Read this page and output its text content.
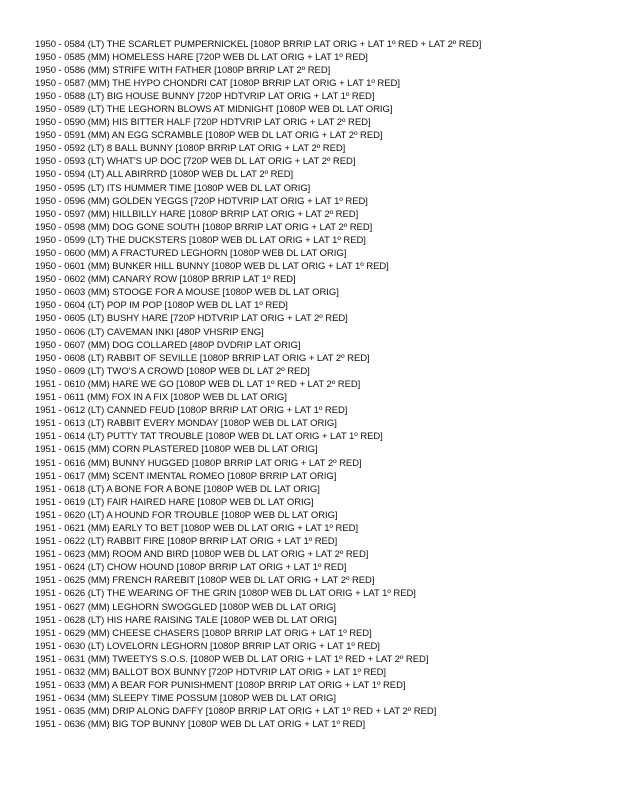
1950 - 0584 (LT) THE SCARLET PUMPERNICKEL [1080P BRRIP LAT ORIG + LAT 1º RED + LAT 2º RED]
1950 - 0585 (MM) HOMELESS HARE [720P WEB DL LAT ORIG + LAT 1º RED]
1950 - 0586 (MM) STRIFE WITH FATHER [1080P BRRIP LAT 2º RED]
1950 - 0587 (MM) THE HYPO CHONDRI CAT [1080P BRRIP LAT ORIG + LAT 1º RED]
1950 - 0588 (LT) BIG HOUSE BUNNY [720P HDTVRIP LAT ORIG + LAT 1º RED]
1950 - 0589 (LT) THE LEGHORN BLOWS AT MIDNIGHT [1080P WEB DL LAT ORIG]
1950 - 0590 (MM) HIS BITTER HALF [720P HDTVRIP LAT ORIG + LAT 2º RED]
1950 - 0591 (MM) AN EGG SCRAMBLE [1080P WEB DL LAT ORIG + LAT 2º RED]
1950 - 0592 (LT) 8 BALL BUNNY [1080P BRRIP LAT ORIG + LAT 2º RED]
1950 - 0593 (LT) WHAT'S UP DOC [720P WEB DL LAT ORIG + LAT 2º RED]
1950 - 0594 (LT) ALL ABIRRRD [1080P WEB DL LAT 2º RED]
1950 - 0595 (LT) ITS HUMMER TIME [1080P WEB DL LAT ORIG]
1950 - 0596 (MM) GOLDEN YEGGS [720P HDTVRIP LAT ORIG + LAT 1º RED]
1950 - 0597 (MM) HILLBILLY HARE [1080P BRRIP LAT ORIG + LAT 2º RED]
1950 - 0598 (MM) DOG GONE SOUTH [1080P BRRIP LAT ORIG + LAT 2º RED]
1950 - 0599 (LT) THE DUCKSTERS [1080P WEB DL LAT ORIG + LAT 1º RED]
1950 - 0600 (MM) A FRACTURED LEGHORN [1080P WEB DL LAT ORIG]
1950 - 0601 (MM) BUNKER HILL BUNNY [1080P WEB DL LAT ORIG + LAT 1º RED]
1950 - 0602 (MM) CANARY ROW [1080P BRRIP LAT 1º RED]
1950 - 0603 (MM) STOOGE FOR A MOUSE [1080P WEB DL LAT ORIG]
1950 - 0604 (LT) POP IM POP [1080P WEB DL LAT 1º RED]
1950 - 0605 (LT) BUSHY HARE [720P HDTVRIP LAT ORIG + LAT 2º RED]
1950 - 0606 (LT) CAVEMAN INKI [480P VHSRIP ENG]
1950 - 0607 (MM) DOG COLLARED [480P DVDRIP LAT ORIG]
1950 - 0608 (LT) RABBIT OF SEVILLE [1080P BRRIP LAT ORIG + LAT 2º RED]
1950 - 0609 (LT) TWO'S A CROWD [1080P WEB DL LAT 2º RED]
1951 - 0610 (MM) HARE WE GO [1080P WEB DL LAT 1º RED + LAT 2º RED]
1951 - 0611 (MM) FOX IN A FIX [1080P WEB DL LAT ORIG]
1951 - 0612 (LT) CANNED FEUD [1080P BRRIP LAT ORIG + LAT 1º RED]
1951 - 0613 (LT) RABBIT EVERY MONDAY [1080P WEB DL LAT ORIG]
1951 - 0614 (LT) PUTTY TAT TROUBLE [1080P WEB DL LAT ORIG + LAT 1º RED]
1951 - 0615 (MM) CORN PLASTERED [1080P WEB DL LAT ORIG]
1951 - 0616 (MM) BUNNY HUGGED [1080P BRRIP LAT ORIG + LAT 2º RED]
1951 - 0617 (MM) SCENT IMENTAL ROMEO [1080P BRRIP LAT ORIG]
1951 - 0618 (LT) A BONE FOR A BONE [1080P WEB DL LAT ORIG]
1951 - 0619 (LT) FAIR HAIRED HARE [1080P WEB DL LAT ORIG]
1951 - 0620 (LT) A HOUND FOR TROUBLE [1080P WEB DL LAT ORIG]
1951 - 0621 (MM) EARLY TO BET [1080P WEB DL LAT ORIG + LAT 1º RED]
1951 - 0622 (LT) RABBIT FIRE [1080P BRRIP LAT ORIG + LAT 1º RED]
1951 - 0623 (MM) ROOM AND BIRD [1080P WEB DL LAT ORIG + LAT 2º RED]
1951 - 0624 (LT) CHOW HOUND [1080P BRRIP LAT ORIG + LAT 1º RED]
1951 - 0625 (MM) FRENCH RAREBIT [1080P WEB DL LAT ORIG + LAT 2º RED]
1951 - 0626 (LT) THE WEARING OF THE GRIN [1080P WEB DL LAT ORIG + LAT 1º RED]
1951 - 0627 (MM) LEGHORN SWOGGLED [1080P WEB DL LAT ORIG]
1951 - 0628 (LT) HIS HARE RAISING TALE [1080P WEB DL LAT ORIG]
1951 - 0629 (MM) CHEESE CHASERS [1080P BRRIP LAT ORIG + LAT 1º RED]
1951 - 0630 (LT) LOVELORN LEGHORN [1080P BRRIP LAT ORIG + LAT 1º RED]
1951 - 0631 (MM) TWEETYS S.O.S. [1080P WEB DL LAT ORIG + LAT 1º RED + LAT 2º RED]
1951 - 0632 (MM) BALLOT BOX BUNNY [720P HDTVRIP LAT ORIG + LAT 1º RED]
1951 - 0633 (MM) A BEAR FOR PUNISHMENT [1080P BRRIP LAT ORIG + LAT 1º RED]
1951 - 0634 (MM) SLEEPY TIME POSSUM [1080P WEB DL LAT ORIG]
1951 - 0635 (MM) DRIP ALONG DAFFY [1080P BRRIP LAT ORIG + LAT 1º RED + LAT 2º RED]
1951 - 0636 (MM) BIG TOP BUNNY [1080P WEB DL LAT ORIG + LAT 1º RED]
